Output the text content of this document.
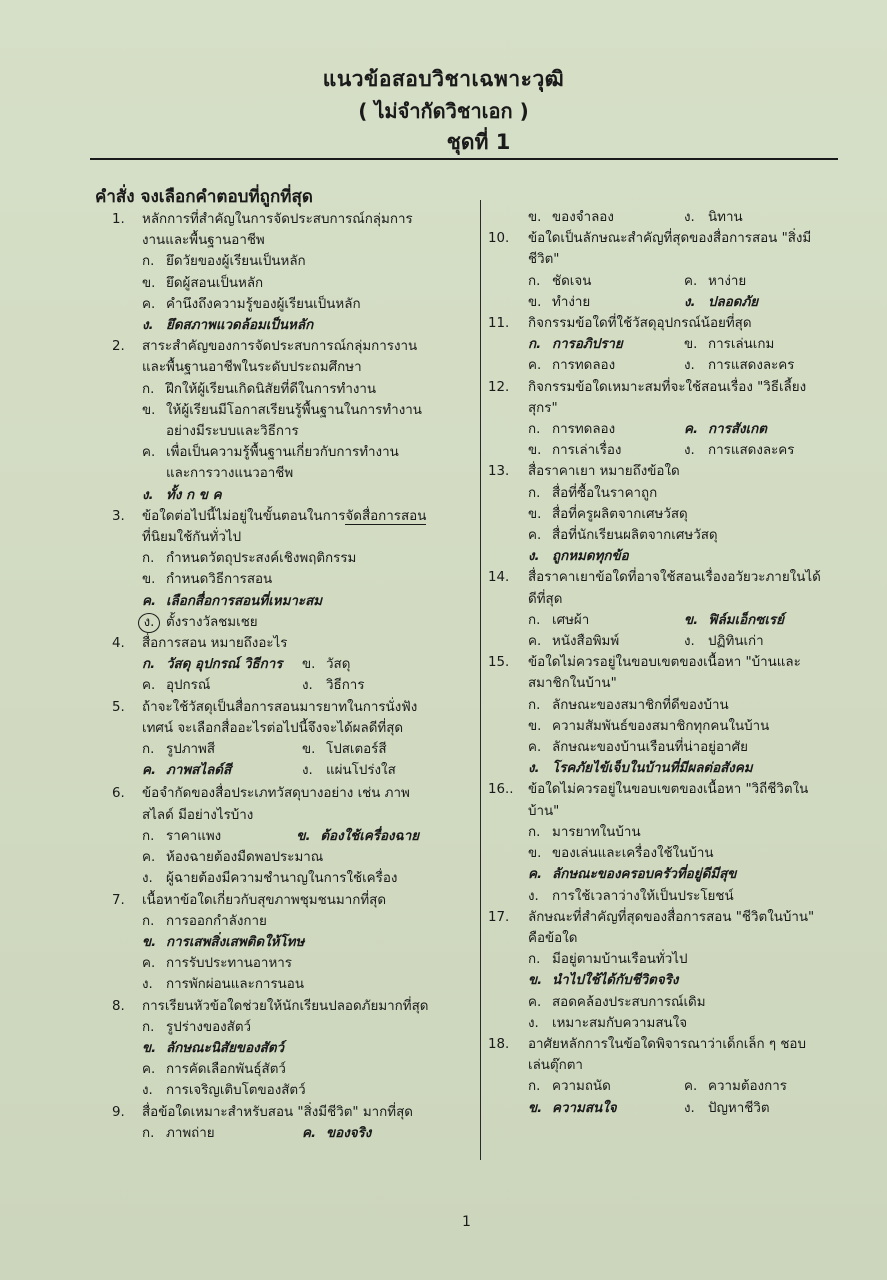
แนวข้อสอบวิชาเฉพาะวุฒิ
( ไม่จำกัดวิชาเอก )
ชุดที่ 1
คำสั่ง จงเลือกคำตอบที่ถูกที่สุด
1.	หลักการที่สำคัญในการจัดประสบการณ์กลุ่มการ
งานและพื้นฐานอาชีพ
ก. ยึดวัยของผู้เรียนเป็นหลัก
ข. ยึดผู้สอนเป็นหลัก
ค. คำนึงถึงความรู้ของผู้เรียนเป็นหลัก
ง. ยึดสภาพแวดล้อมเป็นหลัก
2.	สาระสำคัญของการจัดประสบการณ์กลุ่มการงาน
และพื้นฐานอาชีพในระดับประถมศึกษา
ก. ฝึกให้ผู้เรียนเกิดนิสัยที่ดีในการทำงาน
ข. ให้ผู้เรียนมีโอกาสเรียนรู้พื้นฐานในการทำงาน
อย่างมีระบบและวิธีการ
ค. เพื่อเป็นความรู้พื้นฐานเกี่ยวกับการทำงาน
และการวางแนวอาชีพ
ง. ทั้ง ก ข ค
3.	ข้อใดต่อไปนี้ไม่อยู่ในขั้นตอนในการจัดสื่อการสอน
ที่นิยมใช้กันทั่วไป
ก. กำหนดวัตถุประสงค์เชิงพฤติกรรม
ข. กำหนดวิธีการสอน
ค. เลือกสื่อการสอนที่เหมาะสม
ง. ตั้งรางวัลชมเชย
4.	สื่อการสอน หมายถึงอะไร
ก. วัสดุ อุปกรณ์ วิธีการ ข. วัสดุ
ค. อุปกรณ์	ง. วิธีการ
5.	ถ้าจะใช้วัสดุเป็นสื่อการสอนมารยาทในการนั่งฟัง
เทศน์ จะเลือกสื่ออะไรต่อไปนี้จึงจะได้ผลดีที่สุด
ก. รูปภาพสี	ข. โปสเตอร์สี
ค. ภาพสไลด์สี	ง. แผ่นโปร่งใส
6.	ข้อจำกัดของสื่อประเภทวัสดุบางอย่าง เช่น ภาพ
สไลด์ มีอย่างไรบ้าง
ก. ราคาแพง	ข. ต้องใช้เครื่องฉาย
ค. ห้องฉายต้องมืดพอประมาณ
ง. ผู้ฉายต้องมีความชำนาญในการใช้เครื่อง
7.	เนื้อหาข้อใดเกี่ยวกับสุขภาพชุมชนมากที่สุด
ก. การออกกำลังกาย
ข. การเสพสิ่งเสพติดให้โทษ
ค. การรับประทานอาหาร
ง. การพักผ่อนและการนอน
8.	การเรียนหัวข้อใดช่วยให้นักเรียนปลอดภัยมากที่สุด
ก. รูปร่างของสัตว์
ข. ลักษณะนิสัยของสัตว์
ค. การคัดเลือกพันธุ์สัตว์
ง. การเจริญเติบโตของสัตว์
9.	สื่อข้อใดเหมาะสำหรับสอน "สิ่งมีชีวิต" มากที่สุด
ก. ภาพถ่าย	ค. ของจริง
ข. ของจำลอง	ง. นิทาน
10.	ข้อใดเป็นลักษณะสำคัญที่สุดของสื่อการสอน "สิ่งมี
ชีวิต"
ก. ชัดเจน	ค. หาง่าย
ข. ทำง่าย	ง. ปลอดภัย
11.	กิจกรรมข้อใดที่ใช้วัสดุอุปกรณ์น้อยที่สุด
ก. การอภิปราย	ข. การเล่นเกม
ค. การทดลอง	ง. การแสดงละคร
12.	กิจกรรมข้อใดเหมาะสมที่จะใช้สอนเรื่อง "วิธีเลี้ยง
สุกร"
ก. การทดลอง	ค. การสังเกต
ข. การเล่าเรื่อง	ง. การแสดงละคร
13.	สื่อราคาเยา หมายถึงข้อใด
ก. สื่อที่ซื้อในราคาถูก
ข. สื่อที่ครูผลิตจากเศษวัสดุ
ค. สื่อที่นักเรียนผลิตจากเศษวัสดุ
ง. ถูกหมดทุกข้อ
14.	สื่อราคาเยาข้อใดที่อาจใช้สอนเรื่องอวัยวะภายในได้
ดีที่สุด
ก. เศษผ้า	ข. ฟิล์มเอ็กซเรย์
ค. หนังสือพิมพ์	ง. ปฏิทินเก่า
15.	ข้อใดไม่ควรอยู่ในขอบเขตของเนื้อหา "บ้านและ
สมาชิกในบ้าน"
ก. ลักษณะของสมาชิกที่ดีของบ้าน
ข. ความสัมพันธ์ของสมาชิกทุกคนในบ้าน
ค. ลักษณะของบ้านเรือนที่น่าอยู่อาศัย
ง. โรคภัยไข้เจ็บในบ้านที่มีผลต่อสังคม
16..	ข้อใดไม่ควรอยู่ในขอบเขตของเนื้อหา "วิถีชีวิตใน
บ้าน"
ก. มารยาทในบ้าน
ข. ของเล่นและเครื่องใช้ในบ้าน
ค. ลักษณะของครอบครัวที่อยู่ดีมีสุข
ง. การใช้เวลาว่างให้เป็นประโยชน์
17.	ลักษณะที่สำคัญที่สุดของสื่อการสอน "ชีวิตในบ้าน"
คือข้อใด
ก. มีอยู่ตามบ้านเรือนทั่วไป
ข. นำไปใช้ได้กับชีวิตจริง
ค. สอดคล้องประสบการณ์เดิม
ง. เหมาะสมกับความสนใจ
18.	อาศัยหลักการในข้อใดพิจารณาว่าเด็กเล็ก ๆ ชอบ
เล่นตุ๊กตา
ก. ความถนัด	ค. ความต้องการ
ข. ความสนใจ	ง. ปัญหาชีวิต
1
